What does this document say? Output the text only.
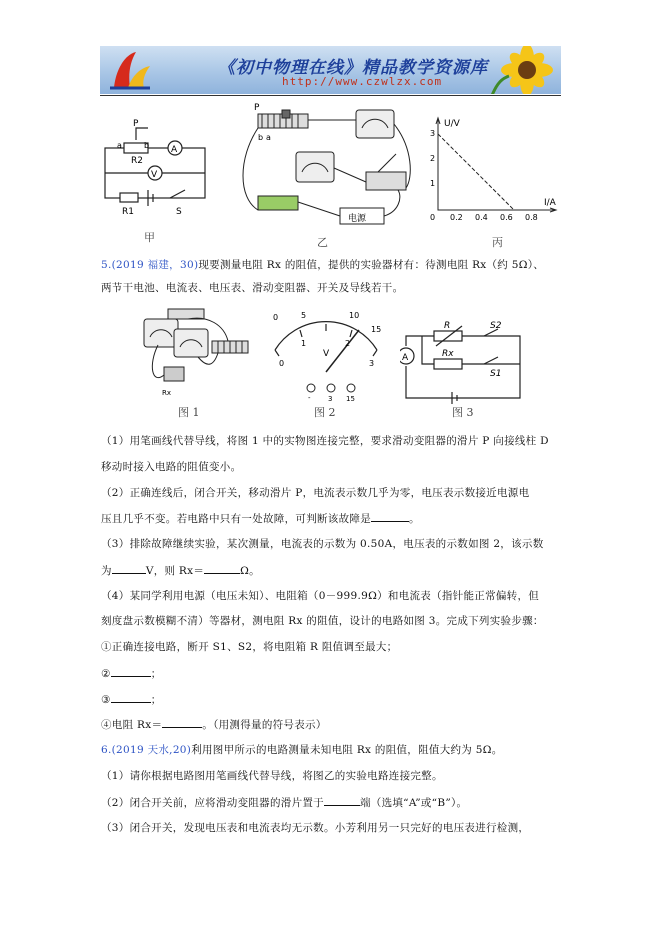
《初中物理在线》精品教学资源库
http://www.czwlzx.com
P
a	b
R2
A
V
R1	S
P
b a
电源
U/V
I/A
3
2
1
0 0.2 0.4 0.6 0.8
甲	乙	丙
5.(2019 福建，30)现要测量电阻 Rx 的阻值，提供的实验器材有：待测电阻 Rx（约 5Ω）、
两节干电池、电流表、电压表、滑动变阻器、开关及导线若干。
Rx
0	5	10
15
0
1	2
3
V
- 3 15
A
R	S2
Rx
S1
图 1	图 2	图 3
（1）用笔画线代替导线，将图 1 中的实物图连接完整，要求滑动变阻器的滑片 P 向接线柱 D
移动时接入电路的阻值变小。
（2）正确连线后，闭合开关，移动滑片 P，电流表示数几乎为零，电压表示数接近电源电
压且几乎不变。若电路中只有一处故障，可判断该故障是	。
（3）排除故障继续实验，某次测量，电流表的示数为 0.50A，电压表的示数如图 2，该示数
为	V，则 Rx＝	Ω。
（4）某同学利用电源（电压未知）、电阻箱（0－999.9Ω）和电流表（指针能正常偏转，但
刻度盘示数模糊不清）等器材，测电阻 Rx 的阻值，设计的电路如图 3。完成下列实验步骤：
①正确连接电路，断开 S1、S2，将电阻箱 R 阻值调至最大；
②	；
③	；
④电阻 Rx＝	。（用测得量的符号表示）
6.(2019 天水,20)利用图甲所示的电路测量未知电阻 Rx 的阻值，阻值大约为 5Ω。
（1）请你根据电路图用笔画线代替导线，将图乙的实验电路连接完整。
（2）闭合开关前，应将滑动变阻器的滑片置于	端（选填“A”或“B”）。
（3）闭合开关，发现电压表和电流表均无示数。小芳利用另一只完好的电压表进行检测，
